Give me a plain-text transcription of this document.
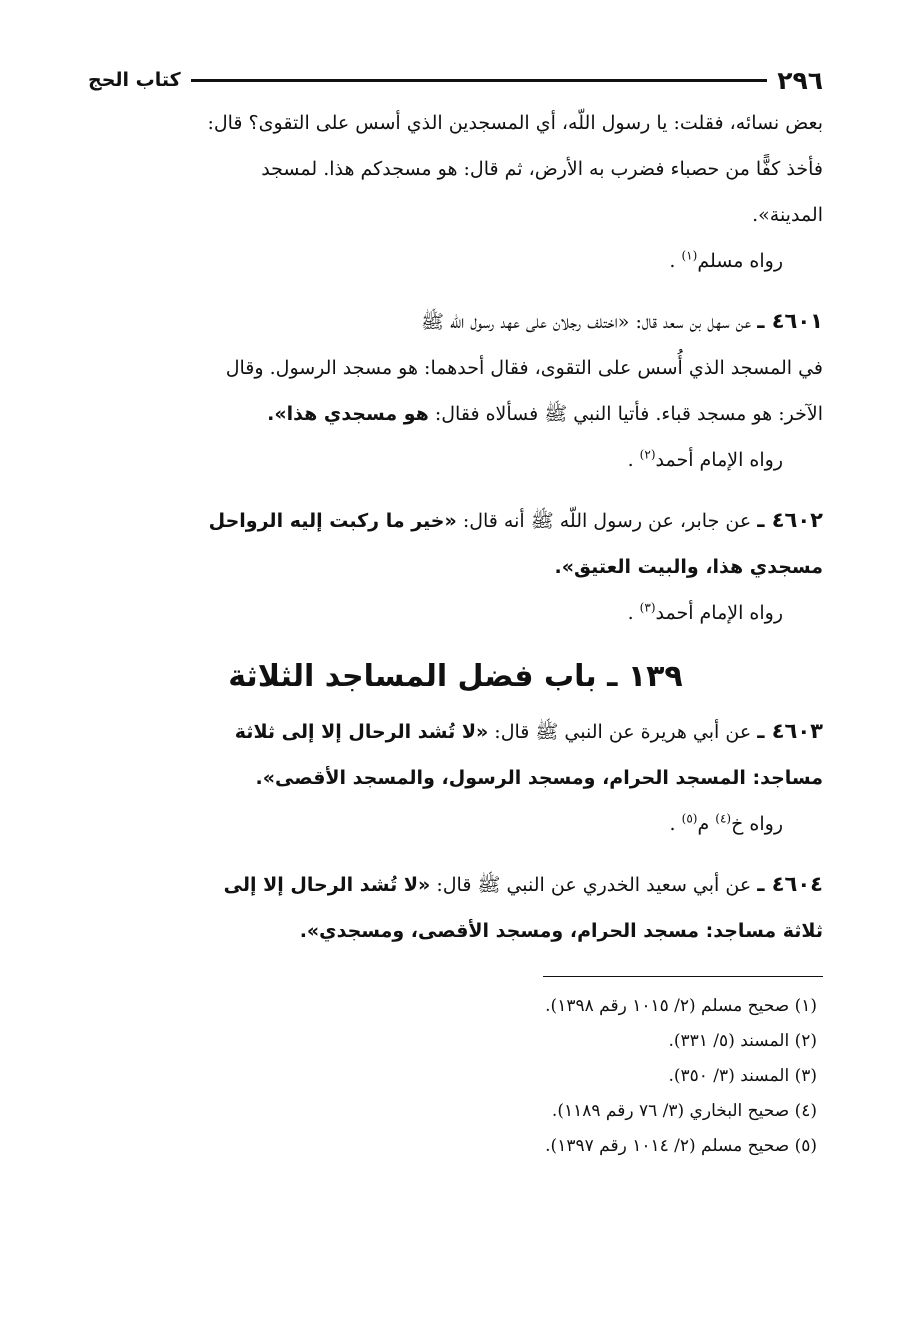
٢٩٦
كتاب الحج

بعض نسائه، فقلت: يا رسول اللّه، أي المسجدين الذي أسس على التقوى؟ قال:

فأخذ كفًّا من حصباء فضرب به الأرض، ثم قال: هو مسجدكم هذا. لمسجد

المدينة».

رواه مسلم$^{(١)}$ .

٤٦٠١ ـ عن سهل بن سعد قال: «اختلف رجلان على عهد رسول اللّه ﷺ

في المسجد الذي أُسس على التقوى، فقال أحدهما: هو مسجد الرسول. وقال

الآخر: هو مسجد قباء. فأتيا النبي ﷺ فسألاه فقال: هو مسجدي هذا».

رواه الإمام أحمد$^{(٢)}$ .

٤٦٠٢ ـ عن جابر، عن رسول اللّه ﷺ أنه قال: «خير ما ركبت إليه الرواحل

مسجدي هذا، والبيت العتيق».

رواه الإمام أحمد$^{(٣)}$ .

١٣٩ ـ باب فضل المساجد الثلاثة

٤٦٠٣ ـ عن أبي هريرة عن النبي ﷺ قال: «لا تُشد الرحال إلا إلى ثلاثة

مساجد: المسجد الحرام، ومسجد الرسول، والمسجد الأقصى».

رواه خ$^{(٤)}$ م$^{(٥)}$ .

٤٦٠٤ ـ عن أبي سعيد الخدري عن النبي ﷺ قال: «لا تُشد الرحال إلا إلى

ثلاثة مساجد: مسجد الحرام، ومسجد الأقصى، ومسجدي».

(١) صحيح مسلم (٢/ ١٠١٥ رقم ١٣٩٨).
(٢) المسند (٥/ ٣٣١).
(٣) المسند (٣/ ٣٥٠).
(٤) صحيح البخاري (٣/ ٧٦ رقم ١١٨٩).
(٥) صحيح مسلم (٢/ ١٠١٤ رقم ١٣٩٧).
